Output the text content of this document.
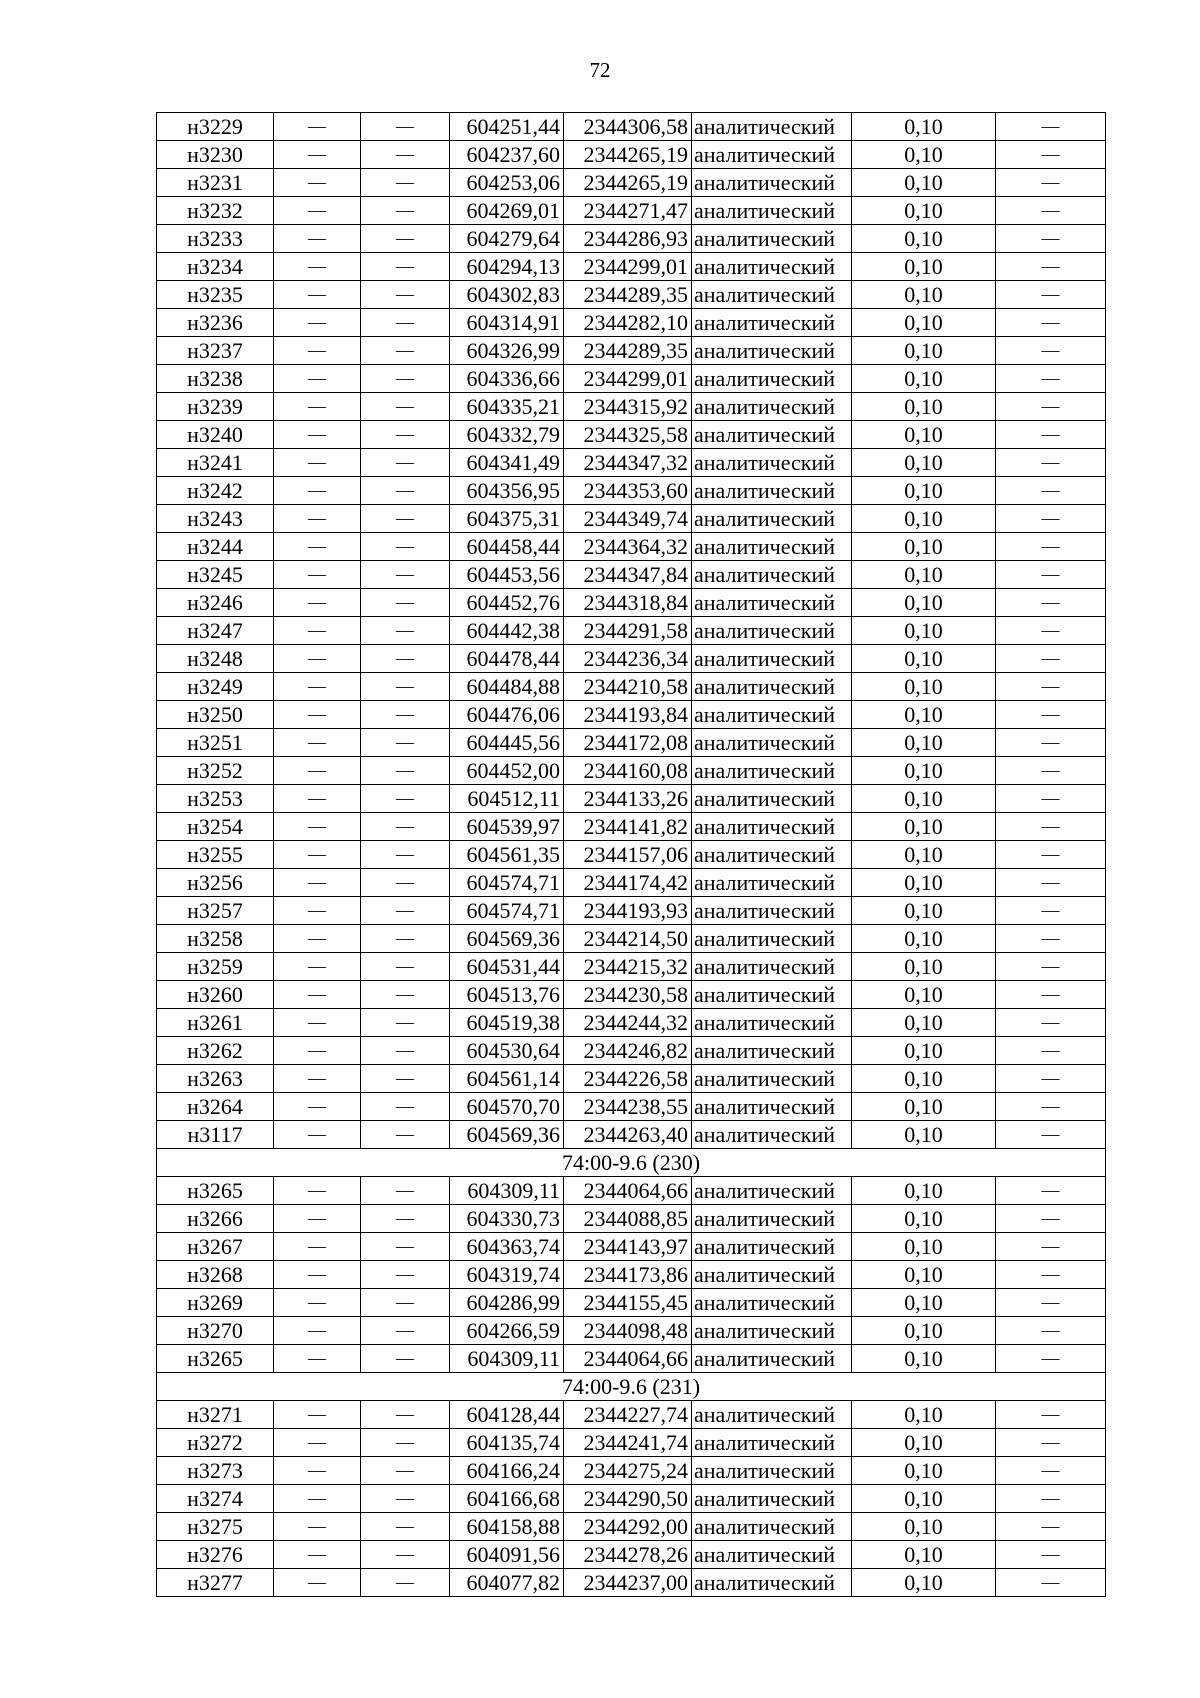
72
н3229	—	—	604251,44	2344306,58	аналитический	0,10	—
н3230	—	—	604237,60	2344265,19	аналитический	0,10	—
н3231	—	—	604253,06	2344265,19	аналитический	0,10	—
н3232	—	—	604269,01	2344271,47	аналитический	0,10	—
н3233	—	—	604279,64	2344286,93	аналитический	0,10	—
н3234	—	—	604294,13	2344299,01	аналитический	0,10	—
н3235	—	—	604302,83	2344289,35	аналитический	0,10	—
н3236	—	—	604314,91	2344282,10	аналитический	0,10	—
н3237	—	—	604326,99	2344289,35	аналитический	0,10	—
н3238	—	—	604336,66	2344299,01	аналитический	0,10	—
н3239	—	—	604335,21	2344315,92	аналитический	0,10	—
н3240	—	—	604332,79	2344325,58	аналитический	0,10	—
н3241	—	—	604341,49	2344347,32	аналитический	0,10	—
н3242	—	—	604356,95	2344353,60	аналитический	0,10	—
н3243	—	—	604375,31	2344349,74	аналитический	0,10	—
н3244	—	—	604458,44	2344364,32	аналитический	0,10	—
н3245	—	—	604453,56	2344347,84	аналитический	0,10	—
н3246	—	—	604452,76	2344318,84	аналитический	0,10	—
н3247	—	—	604442,38	2344291,58	аналитический	0,10	—
н3248	—	—	604478,44	2344236,34	аналитический	0,10	—
н3249	—	—	604484,88	2344210,58	аналитический	0,10	—
н3250	—	—	604476,06	2344193,84	аналитический	0,10	—
н3251	—	—	604445,56	2344172,08	аналитический	0,10	—
н3252	—	—	604452,00	2344160,08	аналитический	0,10	—
н3253	—	—	604512,11	2344133,26	аналитический	0,10	—
н3254	—	—	604539,97	2344141,82	аналитический	0,10	—
н3255	—	—	604561,35	2344157,06	аналитический	0,10	—
н3256	—	—	604574,71	2344174,42	аналитический	0,10	—
н3257	—	—	604574,71	2344193,93	аналитический	0,10	—
н3258	—	—	604569,36	2344214,50	аналитический	0,10	—
н3259	—	—	604531,44	2344215,32	аналитический	0,10	—
н3260	—	—	604513,76	2344230,58	аналитический	0,10	—
н3261	—	—	604519,38	2344244,32	аналитический	0,10	—
н3262	—	—	604530,64	2344246,82	аналитический	0,10	—
н3263	—	—	604561,14	2344226,58	аналитический	0,10	—
н3264	—	—	604570,70	2344238,55	аналитический	0,10	—
н3117	—	—	604569,36	2344263,40	аналитический	0,10	—
74:00-9.6 (230)							
н3265	—	—	604309,11	2344064,66	аналитический	0,10	—
н3266	—	—	604330,73	2344088,85	аналитический	0,10	—
н3267	—	—	604363,74	2344143,97	аналитический	0,10	—
н3268	—	—	604319,74	2344173,86	аналитический	0,10	—
н3269	—	—	604286,99	2344155,45	аналитический	0,10	—
н3270	—	—	604266,59	2344098,48	аналитический	0,10	—
н3265	—	—	604309,11	2344064,66	аналитический	0,10	—
74:00-9.6 (231)							
н3271	—	—	604128,44	2344227,74	аналитический	0,10	—
н3272	—	—	604135,74	2344241,74	аналитический	0,10	—
н3273	—	—	604166,24	2344275,24	аналитический	0,10	—
н3274	—	—	604166,68	2344290,50	аналитический	0,10	—
н3275	—	—	604158,88	2344292,00	аналитический	0,10	—
н3276	—	—	604091,56	2344278,26	аналитический	0,10	—
н3277	—	—	604077,82	2344237,00	аналитический	0,10	—
